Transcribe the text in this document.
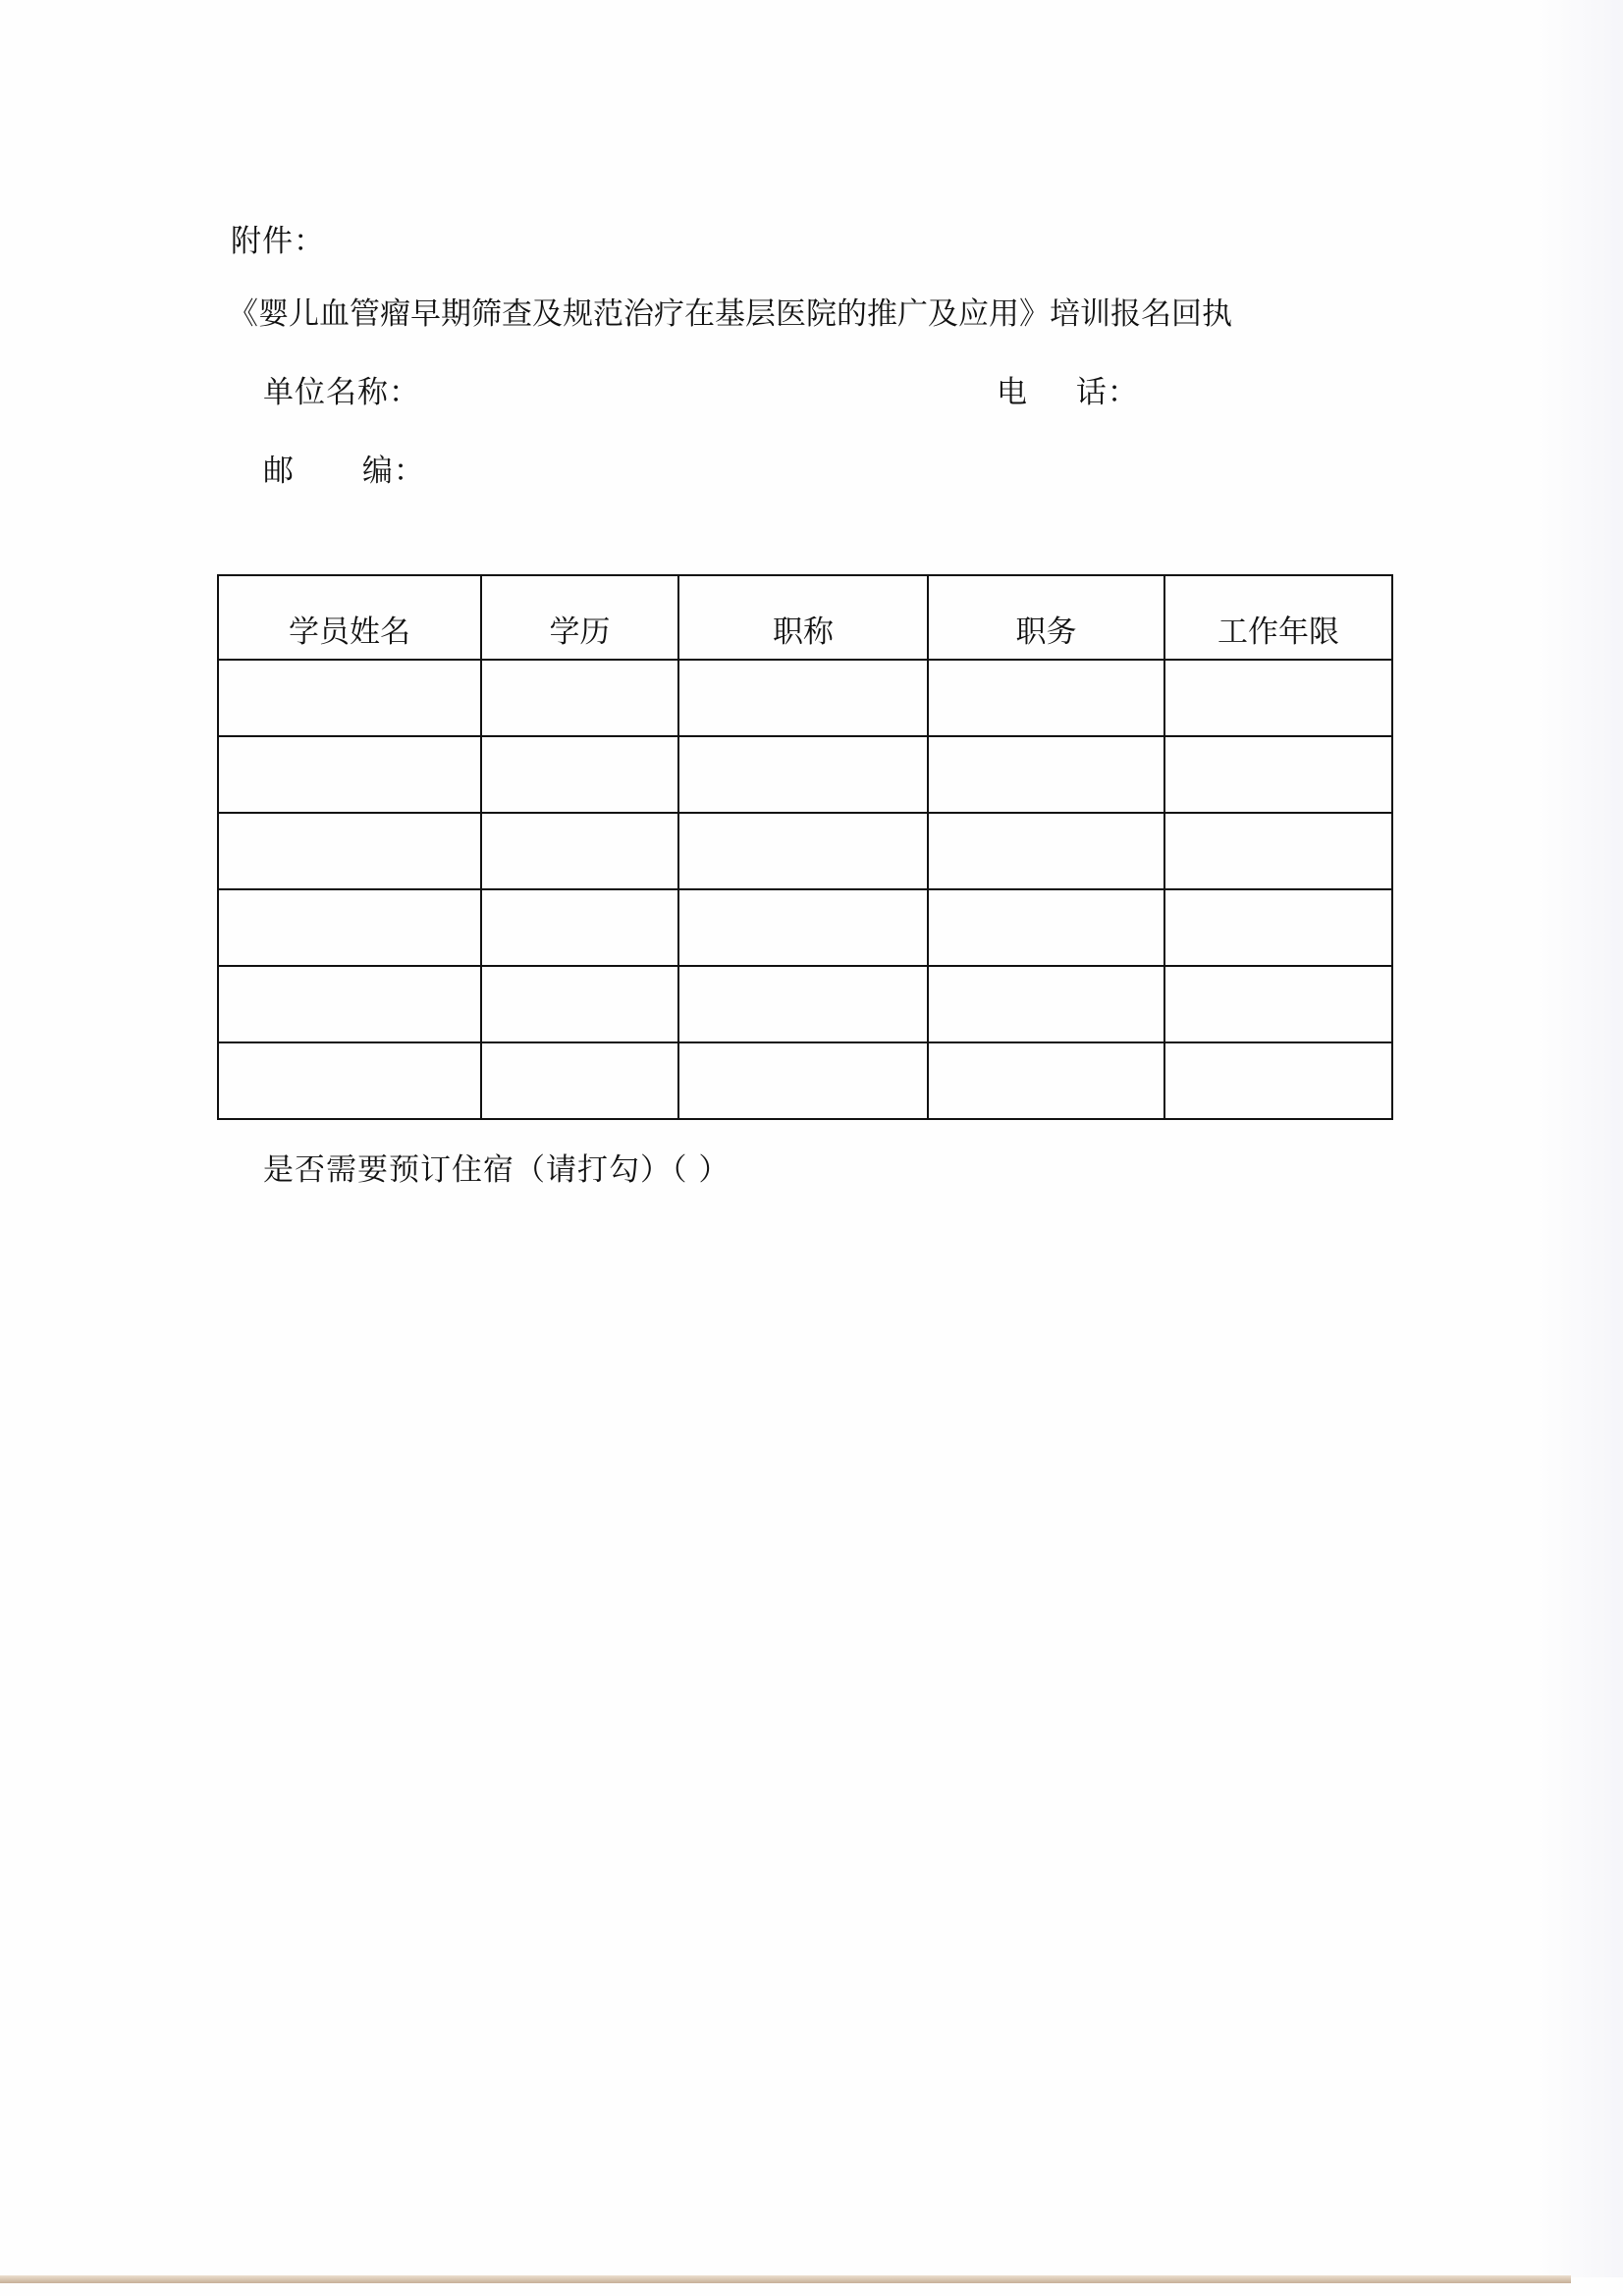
附件：
《婴儿血管瘤早期筛查及规范治疗在基层医院的推广及应用》培训报名回执
单位名称：	电 话：
邮 编：
学员姓名	学历	职称	职务	工作年限

是否需要预订住宿（请打勾）（ ）
